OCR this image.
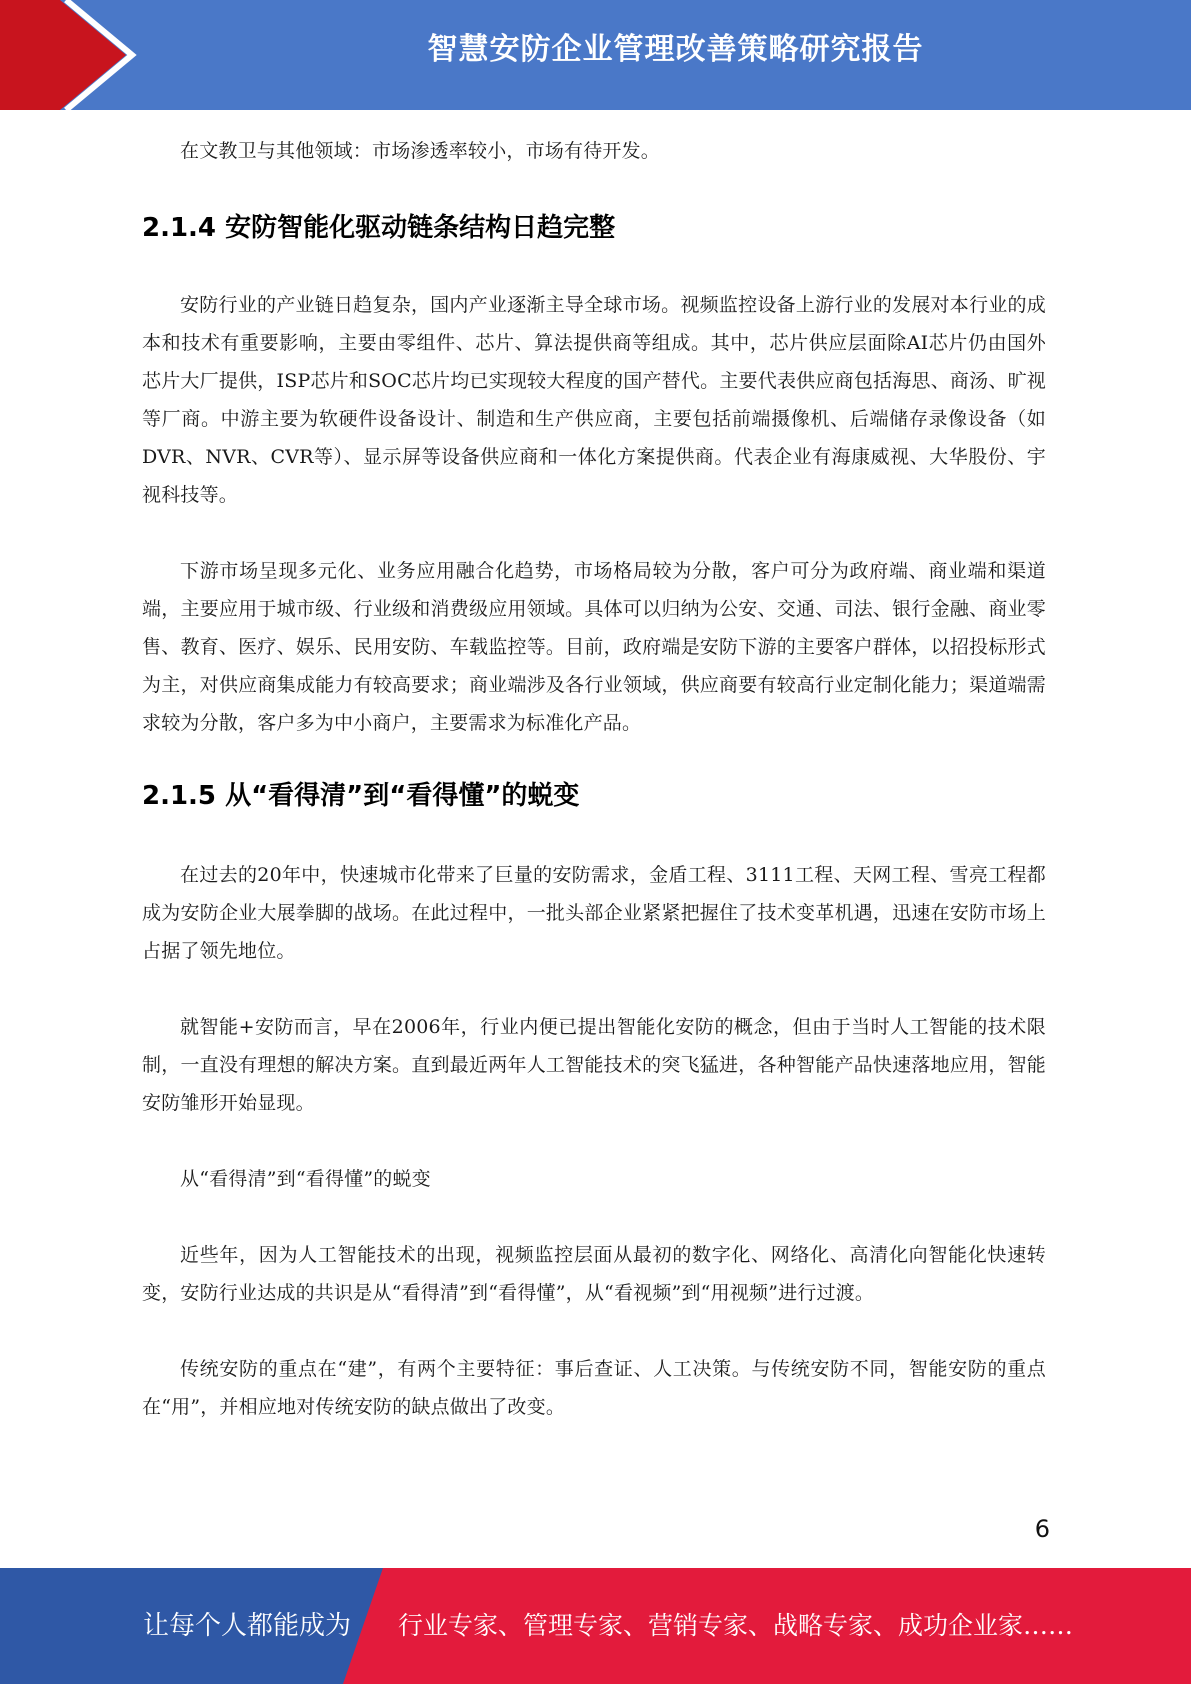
智慧安防企业管理改善策略研究报告

在文教卫与其他领域：市场渗透率较小，市场有待开发。

2.1.4 安防智能化驱动链条结构日趋完整

安防行业的产业链日趋复杂，国内产业逐渐主导全球市场。视频监控设备上游行业的发展对本行业的成本和技术有重要影响，主要由零组件、芯片、算法提供商等组成。其中，芯片供应层面除AI芯片仍由国外芯片大厂提供，ISP芯片和SOC芯片均已实现较大程度的国产替代。主要代表供应商包括海思、商汤、旷视等厂商。中游主要为软硬件设备设计、制造和生产供应商，主要包括前端摄像机、后端储存录像设备（如DVR、NVR、CVR等）、显示屏等设备供应商和一体化方案提供商。代表企业有海康威视、大华股份、宇视科技等。

下游市场呈现多元化、业务应用融合化趋势，市场格局较为分散，客户可分为政府端、商业端和渠道端，主要应用于城市级、行业级和消费级应用领域。具体可以归纳为公安、交通、司法、银行金融、商业零售、教育、医疗、娱乐、民用安防、车载监控等。目前，政府端是安防下游的主要客户群体，以招投标形式为主，对供应商集成能力有较高要求；商业端涉及各行业领域，供应商要有较高行业定制化能力；渠道端需求较为分散，客户多为中小商户，主要需求为标准化产品。

2.1.5 从“看得清”到“看得懂”的蜕变

在过去的20年中，快速城市化带来了巨量的安防需求，金盾工程、3111工程、天网工程、雪亮工程都成为安防企业大展拳脚的战场。在此过程中，一批头部企业紧紧把握住了技术变革机遇，迅速在安防市场上占据了领先地位。

就智能+安防而言，早在2006年，行业内便已提出智能化安防的概念，但由于当时人工智能的技术限制，一直没有理想的解决方案。直到最近两年人工智能技术的突飞猛进，各种智能产品快速落地应用，智能安防雏形开始显现。

从“看得清”到“看得懂”的蜕变

近些年，因为人工智能技术的出现，视频监控层面从最初的数字化、网络化、高清化向智能化快速转变，安防行业达成的共识是从“看得清”到“看得懂”，从“看视频”到“用视频”进行过渡。

传统安防的重点在“建”，有两个主要特征：事后查证、人工决策。与传统安防不同，智能安防的重点在“用”，并相应地对传统安防的缺点做出了改变。

6
让每个人都能成为 行业专家、管理专家、营销专家、战略专家、成功企业家……
